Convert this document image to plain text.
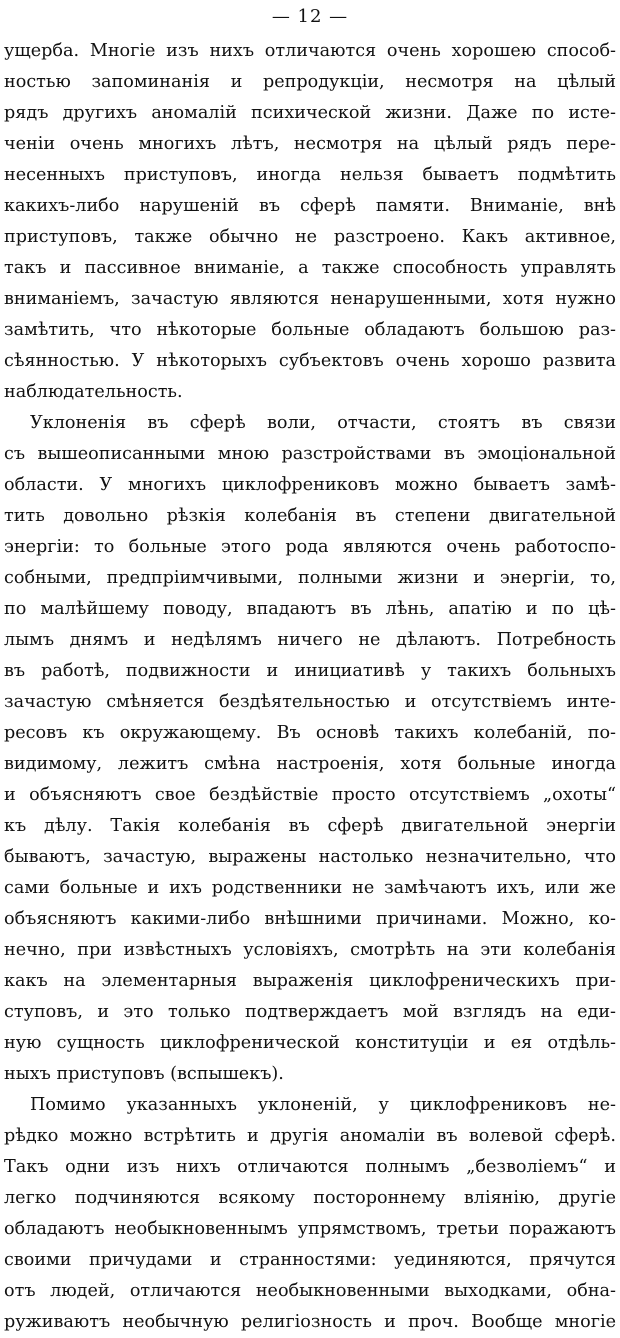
— 12 —
ущерба. Многiе изъ нихъ отличаются очень хорошею способ-
ностью запоминанiя и репродукцiи, несмотря на цѣлый
рядъ другихъ аномалiй психической жизни. Даже по исте-
ченiи очень многихъ лѣтъ, несмотря на цѣлый рядъ пере-
несенныхъ приступовъ, иногда нельзя бываетъ подмѣтить
какихъ-либо нарушенiй въ сферѣ памяти. Вниманiе, внѣ
приступовъ, также обычно не разстроено. Какъ активное,
такъ и пассивное вниманiе, а также способность управлять
вниманiемъ, зачастую являются ненарушенными, хотя нужно
замѣтить, что нѣкоторые больные обладаютъ большою раз-
сѣянностью. У нѣкоторыхъ субъектовъ очень хорошо развита
наблюдательность.
Уклоненiя въ сферѣ воли, отчасти, стоятъ въ связи
съ вышеописанными мною разстройствами въ эмоцiональной
области. У многихъ циклофрениковъ можно бываетъ замѣ-
тить довольно рѣзкiя колебанiя въ степени двигательной
энергiи: то больные этого рода являются очень работоспо-
собными, предпрiимчивыми, полными жизни и энергiи, то,
по малѣйшему поводу, впадаютъ въ лѣнь, апатiю и по цѣ-
лымъ днямъ и недѣлямъ ничего не дѣлаютъ. Потребность
въ работѣ, подвижности и инициативѣ у такихъ больныхъ
зачастую смѣняется бездѣятельностью и отсутствiемъ инте-
ресовъ къ окружающему. Въ основѣ такихъ колебанiй, по-
видимому, лежитъ смѣна настроенiя, хотя больные иногда
и объясняютъ свое бездѣйствiе просто отсутствiемъ „охоты“
къ дѣлу. Такiя колебанiя въ сферѣ двигательной энергiи
бываютъ, зачастую, выражены настолько незначительно, что
сами больные и ихъ родственники не замѣчаютъ ихъ, или же
объясняютъ какими-либо внѣшними причинами. Можно, ко-
нечно, при извѣстныхъ условiяхъ, смотрѣть на эти колебанiя
какъ на элементарныя выраженiя циклофреническихъ при-
ступовъ, и это только подтверждаетъ мой взглядъ на еди-
ную сущность циклофренической конституцiи и ея отдѣль-
ныхъ приступовъ (вспышекъ).
Помимо указанныхъ уклоненiй, у циклофрениковъ не-
рѣдко можно встрѣтить и другiя аномалiи въ волевой сферѣ.
Такъ одни изъ нихъ отличаются полнымъ „безволiемъ“ и
легко подчиняются всякому постороннему влiянiю, другiе
обладаютъ необыкновеннымъ упрямствомъ, третьи поражаютъ
своими причудами и странностями: уединяются, прячутся
отъ людей, отличаются необыкновенными выходками, обна-
руживаютъ необычную религiозность и проч. Вообще многiе
